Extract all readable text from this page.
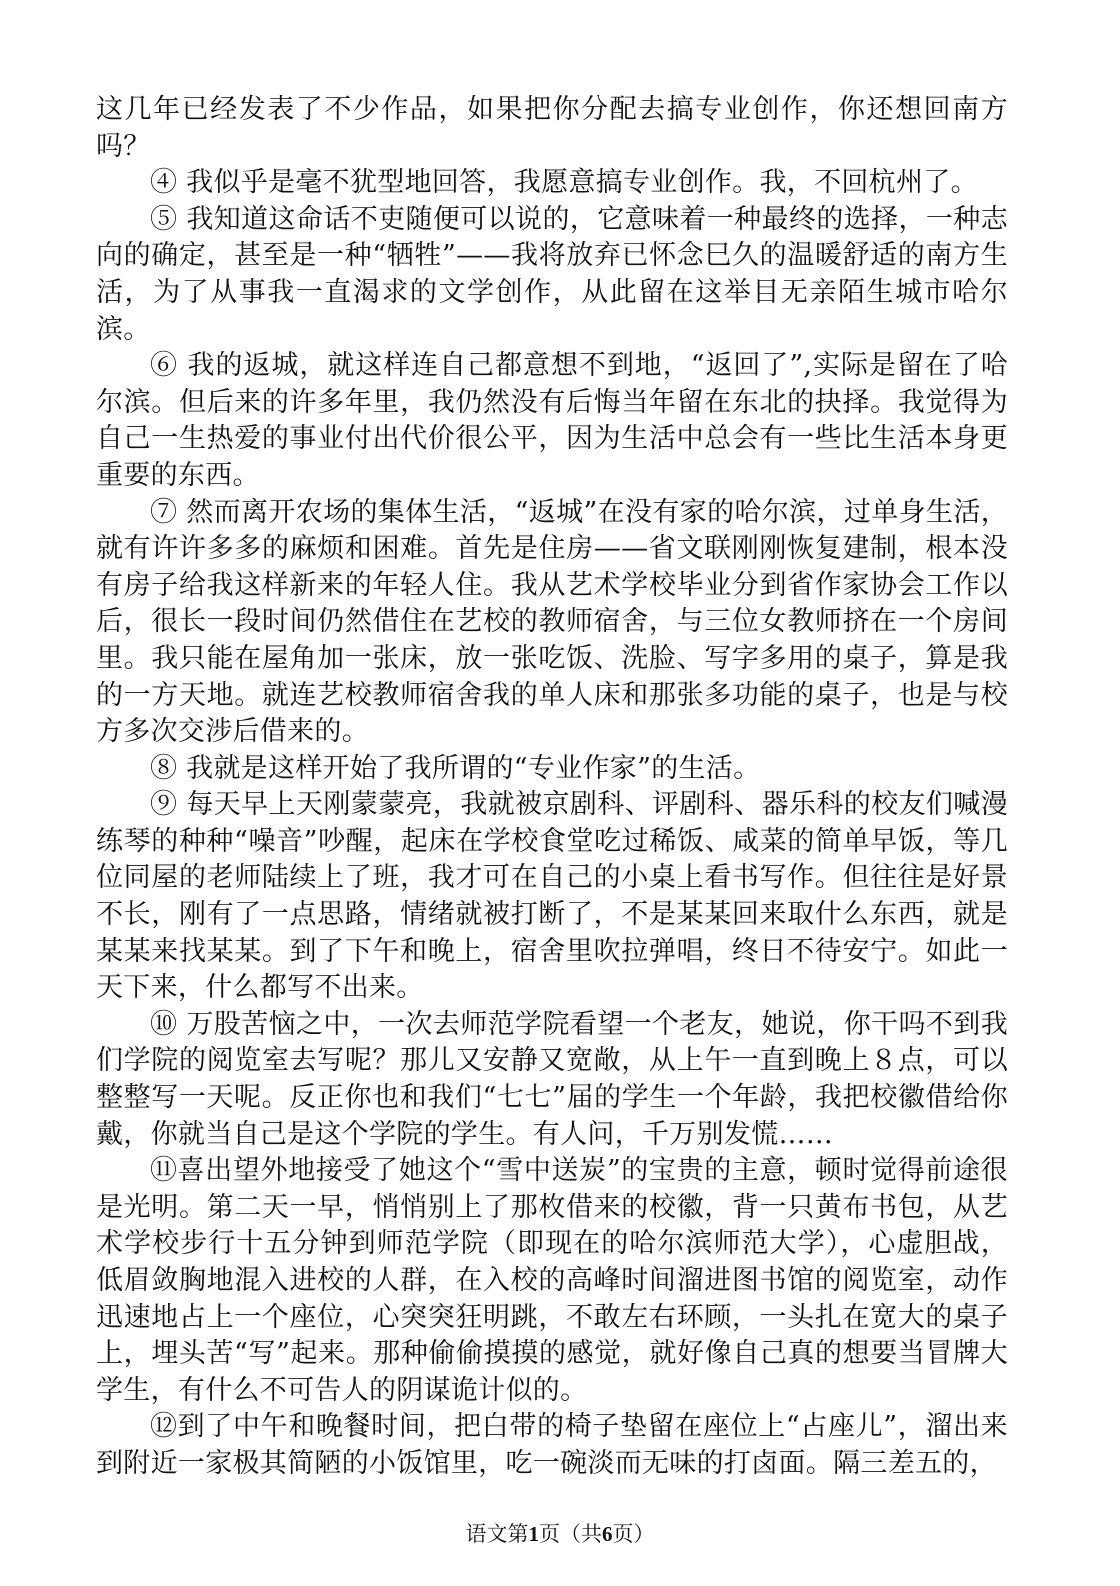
这几年已经发表了不少作品，如果把你分配去搞专业创作，你还想回南方吗？

④ 我似乎是毫不犹型地回答，我愿意搞专业创作。我，不回杭州了。

⑤ 我知道这命话不吏随便可以说的，它意味着一种最终的选择，一种志向的确定，甚至是一种“牺牲”——我将放弃已怀念巳久的温暖舒适的南方生活，为了从事我一直渴求的文学创作，从此留在这举目无亲陌生城市哈尔滨。

⑥ 我的返城，就这样连自己都意想不到地，“返回了”,实际是留在了哈尔滨。但后来的许多年里，我仍然没有后悔当年留在东北的抉择。我觉得为自己一生热爱的事业付出代价很公平，因为生活中总会有一些比生活本身更重要的东西。

⑦ 然而离开农场的集体生活，“返城”在没有家的哈尔滨，过单身生活，就有许许多多的麻烦和困难。首先是住房——省文联刚刚恢复建制，根本没有房子给我这样新来的年轻人住。我从艺术学校毕业分到省作家协会工作以后，很长一段时间仍然借住在艺校的教师宿舍，与三位女教师挤在一个房间里。我只能在屋角加一张床，放一张吃饭、洗脸、写字多用的桌子，算是我的一方天地。就连艺校教师宿舍我的单人床和那张多功能的桌子，也是与校方多次交涉后借来的。

⑧ 我就是这样开始了我所谓的“专业作家”的生活。

⑨ 每天早上天刚蒙蒙亮，我就被京剧科、评剧科、器乐科的校友们喊漫练琴的种种“噪音”吵醒，起床在学校食堂吃过稀饭、咸菜的简单早饭，等几位同屋的老师陆续上了班，我才可在自己的小桌上看书写作。但往往是好景不长，刚有了一点思路，情绪就被打断了，不是某某回来取什么东西，就是某某来找某某。到了下午和晚上，宿舍里吹拉弹唱，终日不待安宁。如此一天下来，什么都写不出来。

⑩ 万股苦恼之中，一次去师范学院看望一个老友，她说，你干吗不到我们学院的阅览室去写呢？那儿又安静又宽敞，从上午一直到晚上８点，可以整整写一天呢。反正你也和我们“七七”届的学生一个年龄，我把校徽借给你戴，你就当自己是这个学院的学生。有人问，千万别发慌……

⑪喜出望外地接受了她这个“雪中送炭”的宝贵的主意，顿时觉得前途很是光明。第二天一早，悄悄别上了那枚借来的校徽，背一只黄布书包，从艺术学校步行十五分钟到师范学院（即现在的哈尔滨师范大学），心虚胆战，低眉敛胸地混入进校的人群，在入校的高峰时间溜进图书馆的阅览室，动作迅速地占上一个座位，心突突狂明跳，不敢左右环顾，一头扎在宽大的桌子上，埋头苦“写”起来。那种偷偷摸摸的感觉，就好像自己真的想要当冒牌大学生，有什么不可告人的阴谋诡计似的。

⑫到了中午和晚餐时间，把白带的椅子垫留在座位上“占座儿”，溜出来到附近一家极其简陋的小饭馆里，吃一碗淡而无味的打卤面。隔三差五的，

语文第1页（共6页）
